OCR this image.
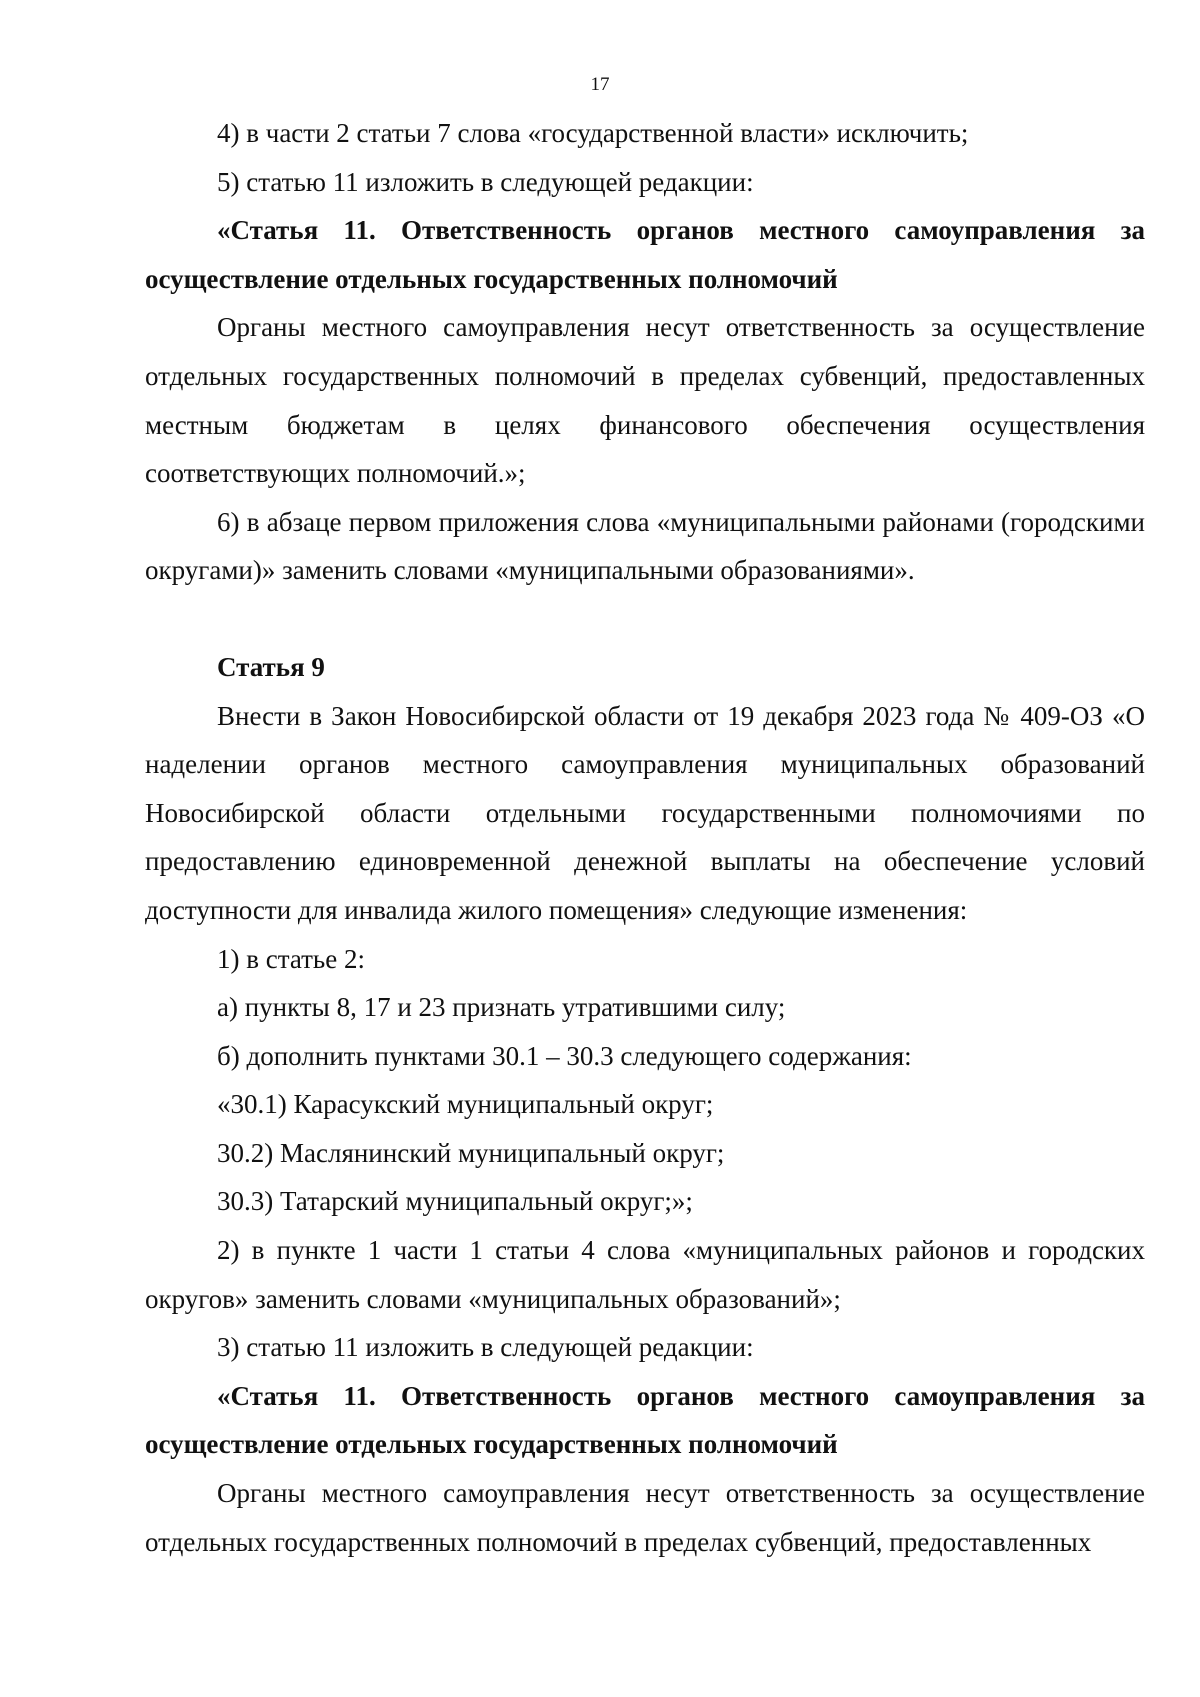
17

4) в части 2 статьи 7 слова «государственной власти» исключить;

5) статью 11 изложить в следующей редакции:

«Статья 11. Ответственность органов местного самоуправления за осуществление отдельных государственных полномочий

Органы местного самоуправления несут ответственность за осуществление отдельных государственных полномочий в пределах субвенций, предоставленных местным бюджетам в целях финансового обеспечения осуществления соответствующих полномочий.»;

6) в абзаце первом приложения слова «муниципальными районами (городскими округами)» заменить словами «муниципальными образованиями».

Статья 9

Внести в Закон Новосибирской области от 19 декабря 2023 года № 409-ОЗ «О наделении органов местного самоуправления муниципальных образований Новосибирской области отдельными государственными полномочиями по предоставлению единовременной денежной выплаты на обеспечение условий доступности для инвалида жилого помещения» следующие изменения:

1) в статье 2:

а) пункты 8, 17 и 23 признать утратившими силу;

б) дополнить пунктами 30.1 – 30.3 следующего содержания:

«30.1) Карасукский муниципальный округ;

30.2) Маслянинский муниципальный округ;

30.3) Татарский муниципальный округ;»;

2) в пункте 1 части 1 статьи 4 слова «муниципальных районов и городских округов» заменить словами «муниципальных образований»;

3) статью 11 изложить в следующей редакции:

«Статья 11. Ответственность органов местного самоуправления за осуществление отдельных государственных полномочий

Органы местного самоуправления несут ответственность за осуществление отдельных государственных полномочий в пределах субвенций, предоставленных
